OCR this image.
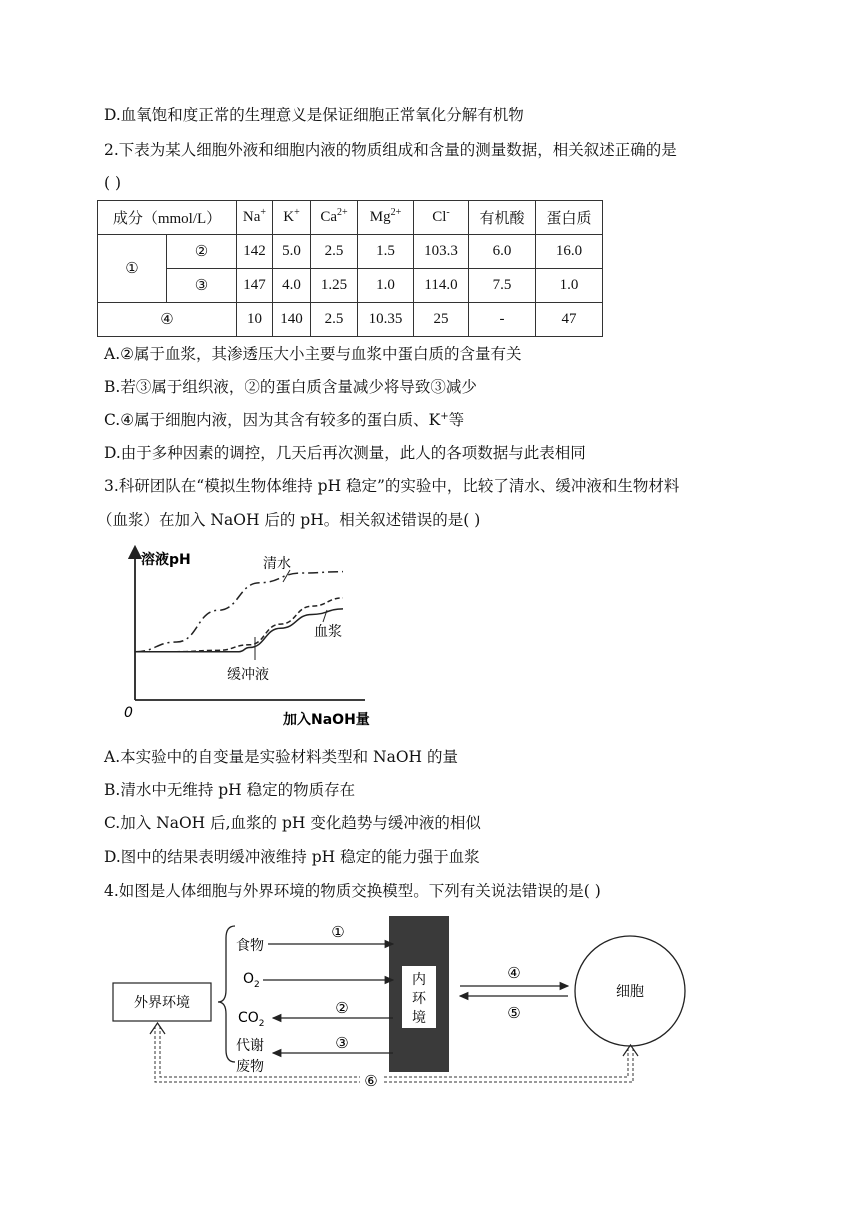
D.血氧饱和度正常的生理意义是保证细胞正常氧化分解有机物
2.下表为某人细胞外液和细胞内液的物质组成和含量的测量数据，相关叙述正确的是
( )
成分（mmol/L）		Na+	K+	$Ca^{2+}$	$Mg^{2+}$	Cl-	有机酸	蛋白质
①	②	142	5.0	2.5	1.5	103.3	6.0	16.0
	③	147	4.0	1.25	1.0	114.0	7.5	1.0
④		10	140	2.5	10.35	25	-	47
A.②属于血浆，其渗透压大小主要与血浆中蛋白质的含量有关
B.若③属于组织液，②的蛋白质含量减少将导致③减少
C.④属于细胞内液，因为其含有较多的蛋白质、K+等
D.由于多种因素的调控，几天后再次测量，此人的各项数据与此表相同
3.科研团队在“模拟生物体维持 pH 稳定”的实验中，比较了清水、缓冲液和生物材料
（血浆）在加入 NaOH 后的 pH。相关叙述错误的是( )
溶液pH
加入NaOH量
0
清水
血浆
缓冲液
A.本实验中的自变量是实验材料类型和 NaOH 的量
B.清水中无维持 pH 稳定的物质存在
C.加入 NaOH 后,血浆的 pH 变化趋势与缓冲液的相似
D.图中的结果表明缓冲液维持 pH 稳定的能力强于血浆
4.如图是人体细胞与外界环境的物质交换模型。下列有关说法错误的是( )
外界环境
食物
$O_2$
$CO_2$
代谢
废物
内
环
境
①
②
③
④
⑤
细胞
⑥
